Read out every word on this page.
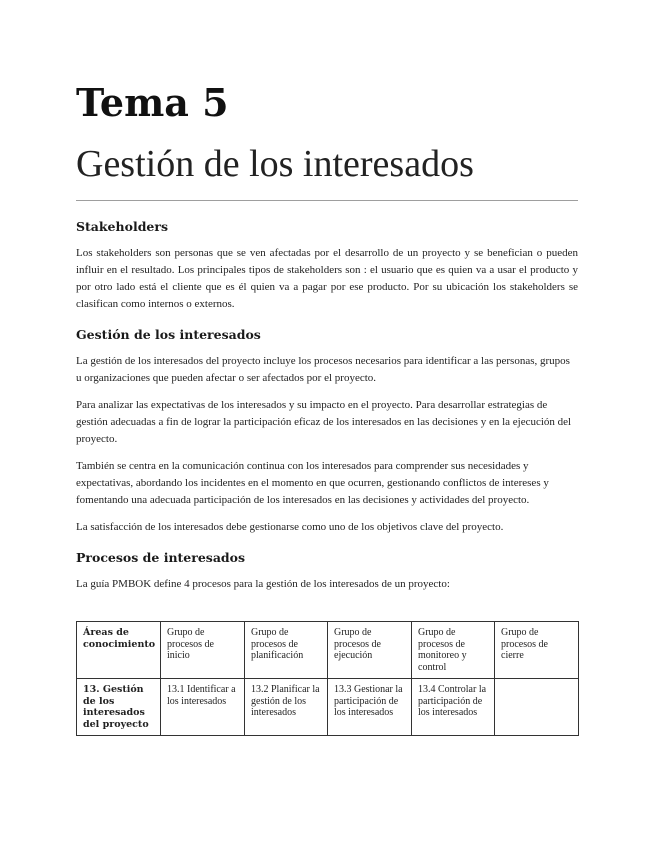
Tema 5
Gestión de los interesados
Stakeholders

Los stakeholders son personas que se ven afectadas por el desarrollo de un proyecto y se benefician o pueden influir en el resultado. Los principales tipos de stakeholders son : el usuario que es quien va a usar el producto y por otro lado está el cliente que es él quien va a pagar por ese producto. Por su ubicación los stakeholders se clasifican como internos o externos.

Gestión de los interesados

La gestión de los interesados del proyecto incluye los procesos necesarios para identificar a las personas, grupos u organizaciones que pueden afectar o ser afectados por el proyecto.

Para analizar las expectativas de los interesados y su impacto en el proyecto. Para desarrollar estrategias de gestión adecuadas a fin de lograr la participación eficaz de los interesados en las decisiones y en la ejecución del proyecto.

También se centra en la comunicación continua con los interesados para comprender sus necesidades y expectativas, abordando los incidentes en el momento en que ocurren, gestionando conflictos de intereses y fomentando una adecuada participación de los interesados en las decisiones y actividades del proyecto.

La satisfacción de los interesados debe gestionarse como uno de los objetivos clave del proyecto.

Procesos de interesados

La guía PMBOK define 4 procesos para la gestión de los interesados de un proyecto:

Áreas de conocimiento	Grupo de procesos de inicio	Grupo de procesos de planificación	Grupo de procesos de ejecución	Grupo de procesos de monitoreo y control	Grupo de procesos de cierre
13. Gestión de los interesados del proyecto	13.1 Identificar a los interesados	13.2 Planificar la gestión de los interesados	13.3 Gestionar la participación de los interesados	13.4 Controlar la participación de los interesados	
